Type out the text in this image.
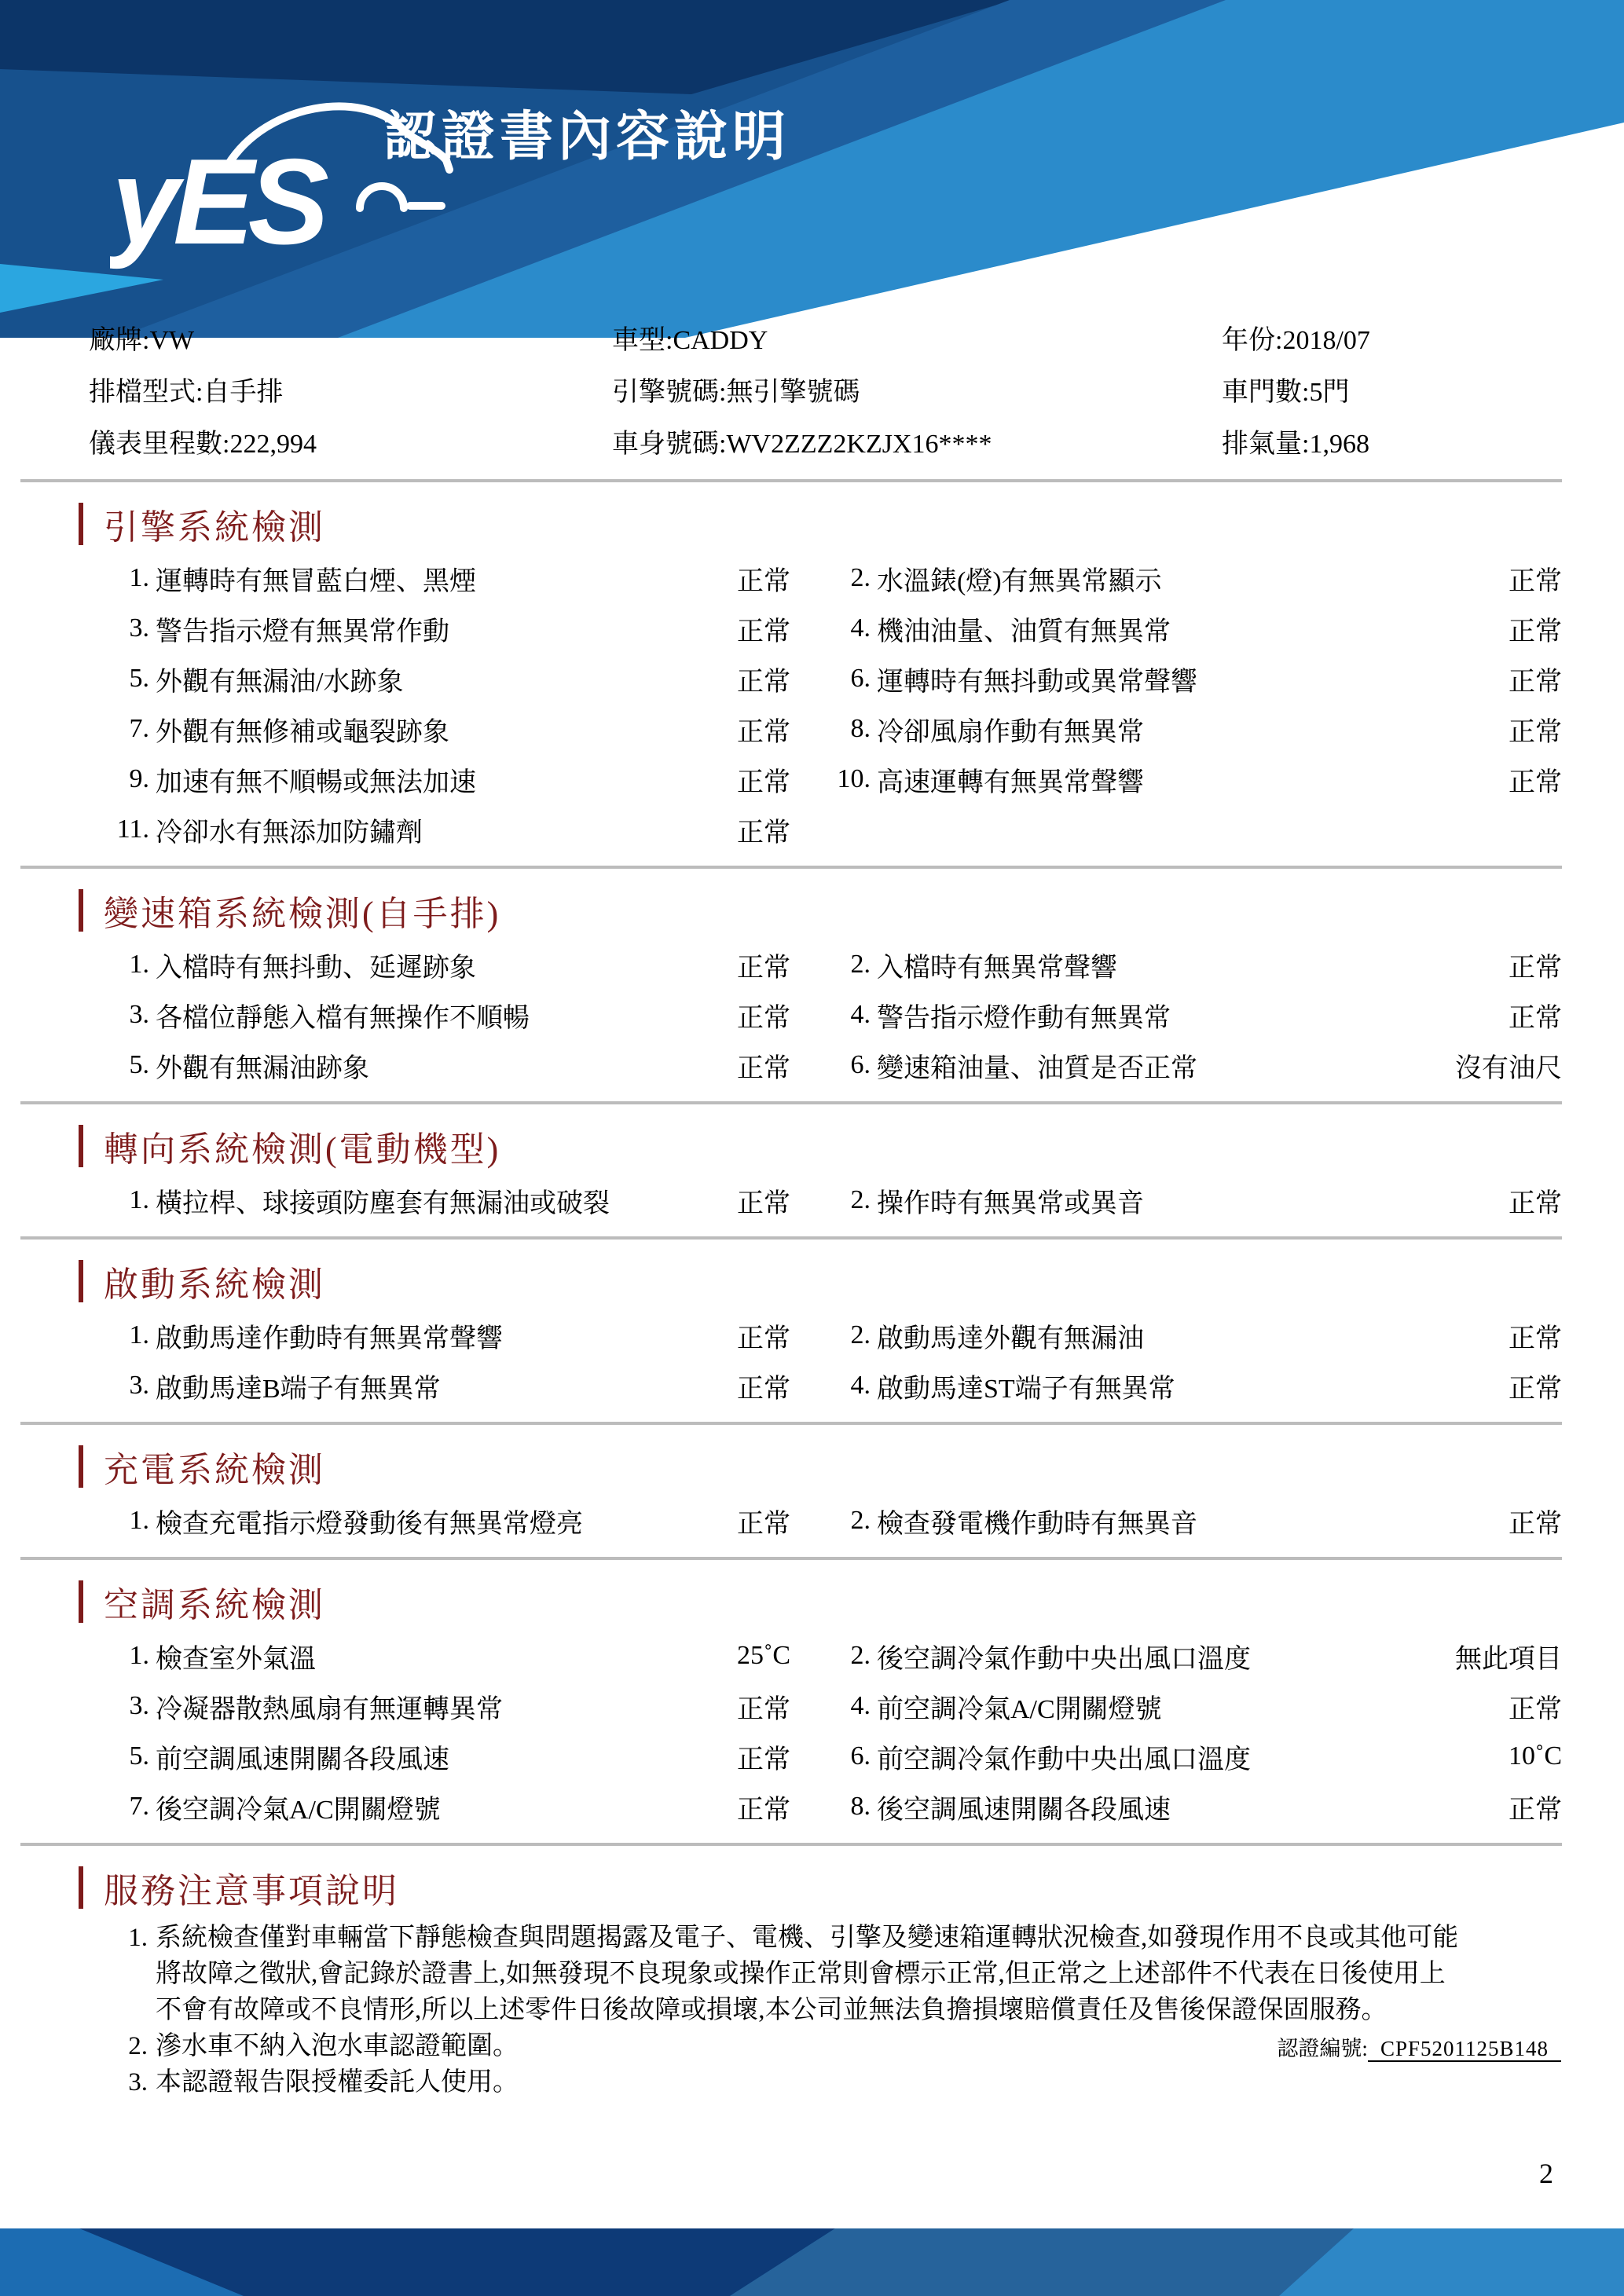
yES 認證書內容說明
廠牌:VW	車型:CADDY	年份:2018/07
排檔型式:自手排	引擎號碼:無引擎號碼	車門數:5門
儀表里程數:222,994	車身號碼:WV2ZZZ2KZJX16****	排氣量:1,968
引擎系統檢測
1. 運轉時有無冒藍白煙、黑煙	正常	2. 水溫錶(燈)有無異常顯示	正常
3. 警告指示燈有無異常作動	正常	4. 機油油量、油質有無異常	正常
5. 外觀有無漏油/水跡象	正常	6. 運轉時有無抖動或異常聲響	正常
7. 外觀有無修補或龜裂跡象	正常	8. 冷卻風扇作動有無異常	正常
9. 加速有無不順暢或無法加速	正常	10. 高速運轉有無異常聲響	正常
11. 冷卻水有無添加防鏽劑	正常
變速箱系統檢測(自手排)
1. 入檔時有無抖動、延遲跡象	正常	2. 入檔時有無異常聲響	正常
3. 各檔位靜態入檔有無操作不順暢	正常	4. 警告指示燈作動有無異常	正常
5. 外觀有無漏油跡象	正常	6. 變速箱油量、油質是否正常	沒有油尺
轉向系統檢測(電動機型)
1. 橫拉桿、球接頭防塵套有無漏油或破裂	正常	2. 操作時有無異常或異音	正常
啟動系統檢測
1. 啟動馬達作動時有無異常聲響	正常	2. 啟動馬達外觀有無漏油	正常
3. 啟動馬達B端子有無異常	正常	4. 啟動馬達ST端子有無異常	正常
充電系統檢測
1. 檢查充電指示燈發動後有無異常燈亮	正常	2. 檢查發電機作動時有無異音	正常
空調系統檢測
1. 檢查室外氣溫	25˚C	2. 後空調冷氣作動中央出風口溫度	無此項目
3. 冷凝器散熱風扇有無運轉異常	正常	4. 前空調冷氣A/C開關燈號	正常
5. 前空調風速開關各段風速	正常	6. 前空調冷氣作動中央出風口溫度	10˚C
7. 後空調冷氣A/C開關燈號	正常	8. 後空調風速開關各段風速	正常
服務注意事項說明
1. 系統檢查僅對車輛當下靜態檢查與問題揭露及電子、電機、引擎及變速箱運轉狀況檢查,如發現作用不良或其他可能
將故障之徵狀,會記錄於證書上,如無發現不良現象或操作正常則會標示正常,但正常之上述部件不代表在日後使用上
不會有故障或不良情形,所以上述零件日後故障或損壞,本公司並無法負擔損壞賠償責任及售後保證保固服務。
2. 滲水車不納入泡水車認證範圍。
3. 本認證報告限授權委託人使用。
認證編號: CPF5201125B148
2
